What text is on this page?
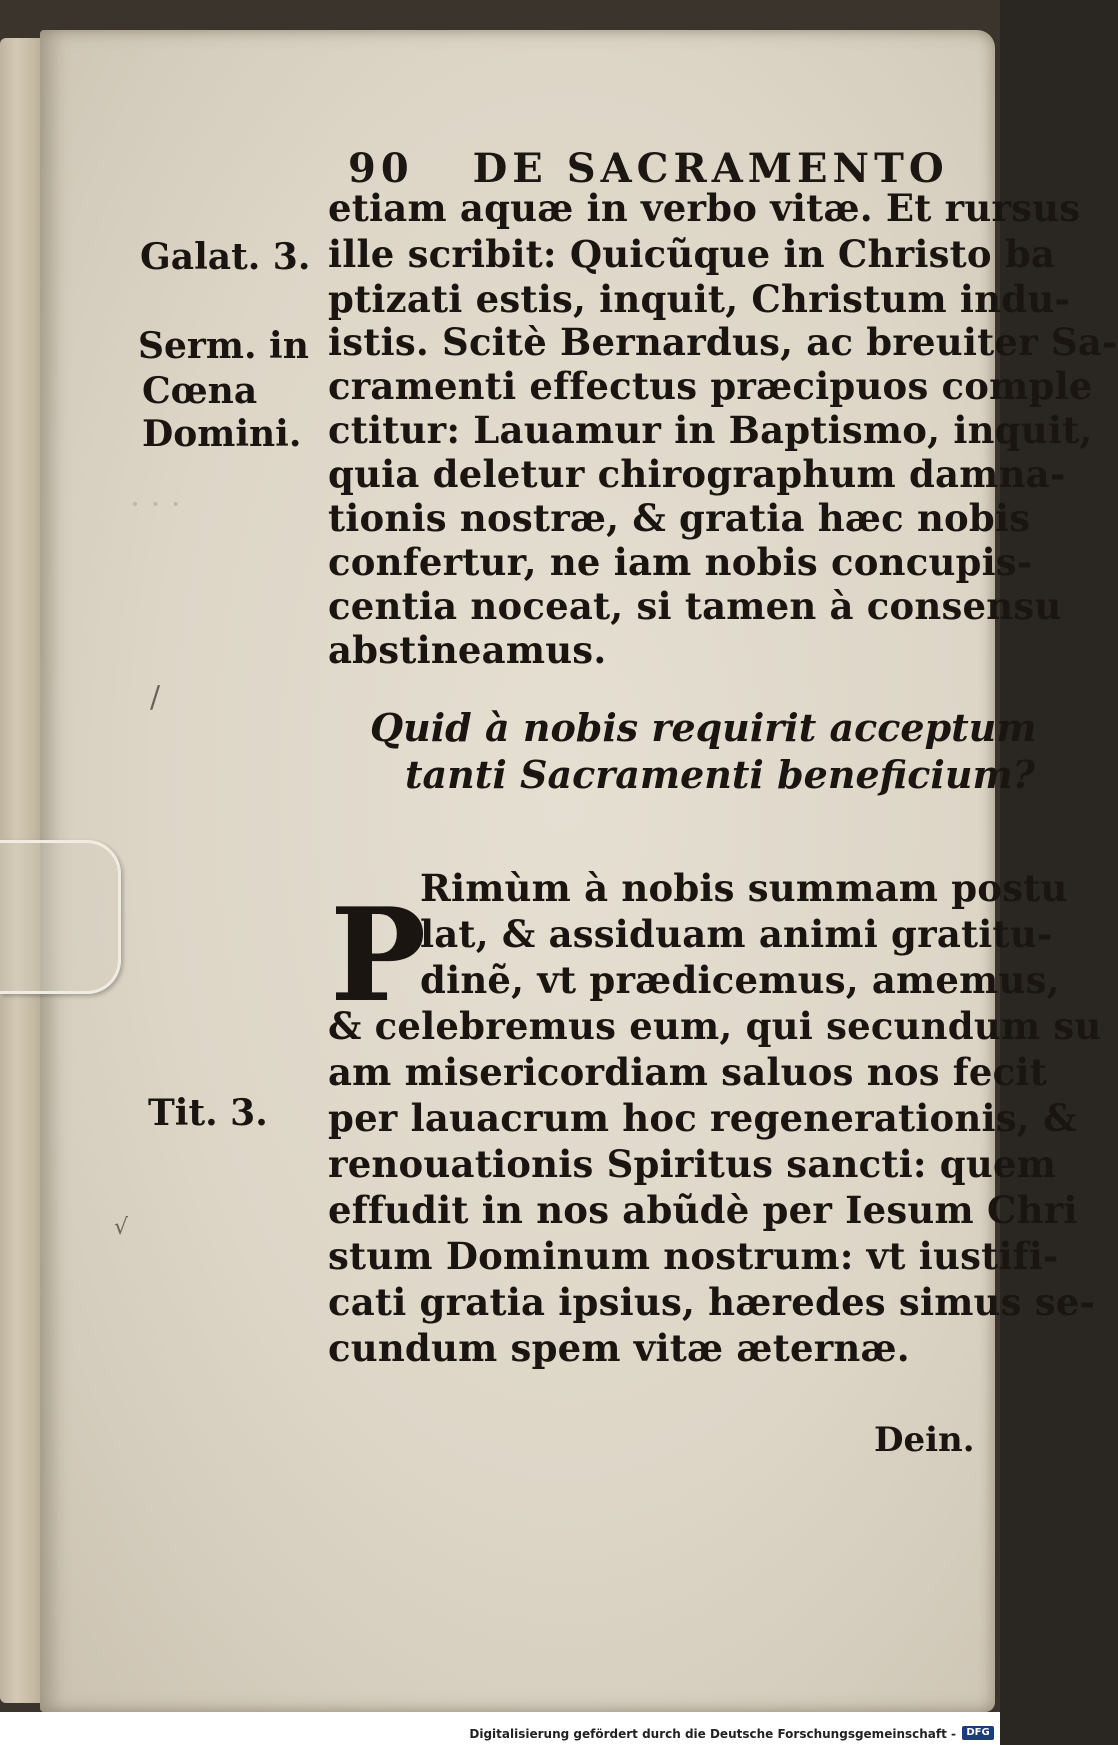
· · ·
90 DE SACRAMENTO
Galat. 3.
Serm. in
Cœna
Domini.
Tit. 3.
∕
√
etiam aquæ in verbo vitæ. Et rursus
ille scribit: Quicũque in Christo ba
ptizati estis, inquit, Christum indu-
istis. Scitè Bernardus, ac breuiter Sa-
cramenti effectus præcipuos comple
ctitur: Lauamur in Baptismo, inquit,
quia deletur chirographum damna-
tionis nostræ, & gratia hæc nobis
confertur, ne iam nobis concupis-
centia noceat, si tamen à consensu
abstineamus.
Quid à nobis requirit acceptum
tanti Sacramenti beneficium?
P
Rimùm à nobis summam postu
lat, & assiduam animi gratitu-
dinẽ, vt prædicemus, amemus,
& celebremus eum, qui secundum su
am misericordiam saluos nos fecit
per lauacrum hoc regenerationis, &
renouationis Spiritus sancti: quem
effudit in nos abũdè per Iesum Chri
stum Dominum nostrum: vt iustifi-
cati gratia ipsius, hæredes simus se-
cundum spem vitæ æternæ.
Dein.
Digitalisierung gefördert durch die Deutsche Forschungsgemeinschaft -	DFG
